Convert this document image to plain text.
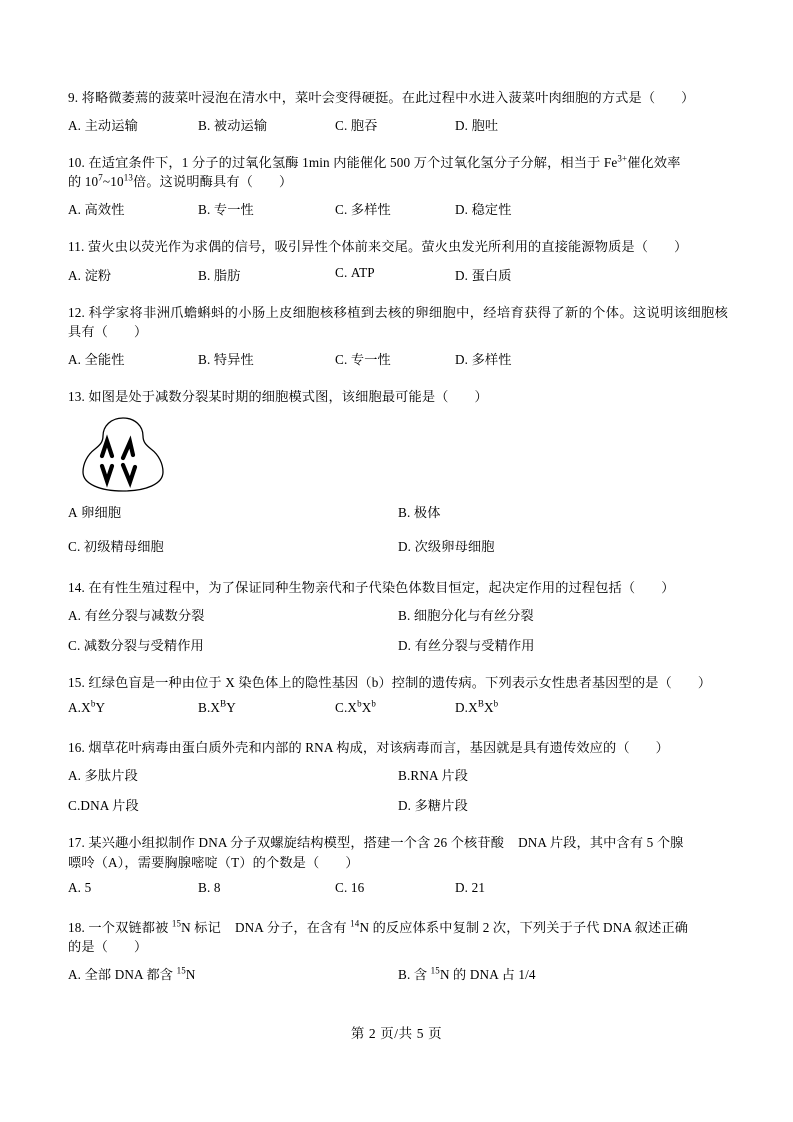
9. 将略微萎蔫的菠菜叶浸泡在清水中，菜叶会变得硬挺。在此过程中水进入菠菜叶肉细胞的方式是（ ）
A. 主动运输	B. 被动运输	C. 胞吞	D. 胞吐
10. 在适宜条件下，1 分子的过氧化氢酶 1min 内能催化 500 万个过氧化氢分子分解，相当于 $Fe^{3+}$催化效率
的 $10^7\sim 10^{13}$倍。这说明酶具有（ ）
A. 高效性	B. 专一性	C. 多样性	D. 稳定性
11. 萤火虫以荧光作为求偶的信号，吸引异性个体前来交尾。萤火虫发光所利用的直接能源物质是（ ）
A. 淀粉	B. 脂肪	C. ATP	D. 蛋白质
12. 科学家将非洲爪蟾蝌蚪的小肠上皮细胞核移植到去核的卵细胞中，经培育获得了新的个体。这说明该细胞核具有（ ）
A. 全能性	B. 特异性	C. 专一性	D. 多样性
13. 如图是处于减数分裂某时期的细胞模式图，该细胞最可能是（ ）
A 卵细胞	B. 极体
C. 初级精母细胞	D. 次级卵母细胞
14. 在有性生殖过程中，为了保证同种生物亲代和子代染色体数目恒定，起决定作用的过程包括（ ）
A. 有丝分裂与减数分裂	B. 细胞分化与有丝分裂
C. 减数分裂与受精作用	D. 有丝分裂与受精作用
15. 红绿色盲是一种由位于 X 染色体上的隐性基因（b）控制的遗传病。下列表示女性患者基因型的是（ ）
$A.X^bY$	$B.X^BY$	$C.X^bX^b$	$D.X^BX^b$
16. 烟草花叶病毒由蛋白质外壳和内部的 RNA 构成，对该病毒而言，基因就是具有遗传效应的（ ）
A. 多肽片段	B.RNA 片段
C.DNA 片段	D. 多糖片段
17. 某兴趣小组拟制作 DNA 分子双螺旋结构模型，搭建一个含 26 个核苷酸 DNA 片段，其中含有 5 个腺
嘌呤（A），需要胸腺嘧啶（T）的个数是（ ）
A. 5	B. 8	C. 16	D. 21
18. 一个双链都被 $^{15}$N 标记 DNA 分子，在含有 $^{14}$N 的反应体系中复制 2 次，下列关于子代 DNA 叙述正确
的是（ ）
A. 全部 DNA 都含 $^{15}$N	B. 含 $^{15}$N 的 DNA 占 1/4
第 2 页/共 5 页
